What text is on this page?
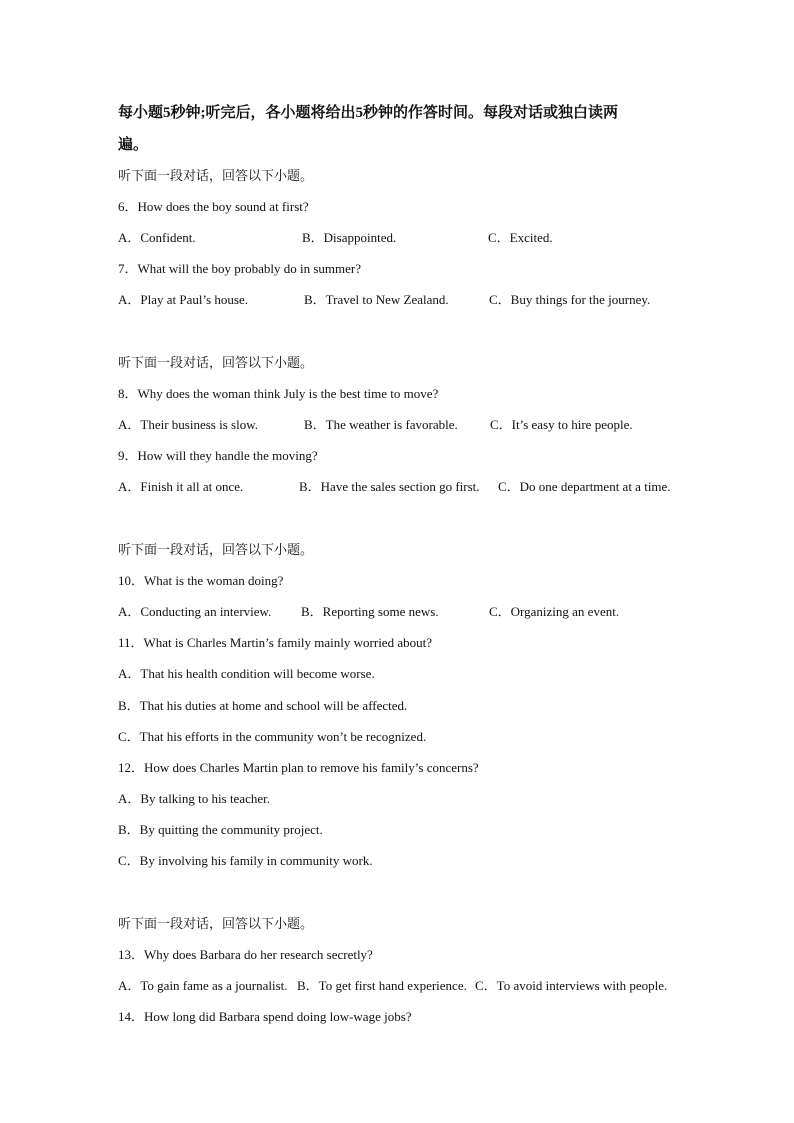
每小题5秒钟;听完后，各小题将给出5秒钟的作答时间。每段对话或独白读两
遍。
听下面一段对话，回答以下小题。
6．How does the boy sound at first?
A．Confident.	B．Disappointed.	C．Excited.
7．What will the boy probably do in summer?
A．Play at Paul’s house.	B．Travel to New Zealand.	C．Buy things for the journey.
听下面一段对话，回答以下小题。
8．Why does the woman think July is the best time to move?
A．Their business is slow.	B．The weather is favorable. C．It’s easy to hire people.
9．How will they handle the moving?
A．Finish it all at once.	B．Have the sales section go first. C．Do one department at a time.
听下面一段对话，回答以下小题。
10．What is the woman doing?
A．Conducting an interview. B．Reporting some news.	C．Organizing an event.
11．What is Charles Martin’s family mainly worried about?
A．That his health condition will become worse.
B．That his duties at home and school will be affected.
C．That his efforts in the community won’t be recognized.
12．How does Charles Martin plan to remove his family’s concerns?
A．By talking to his teacher.
B．By quitting the community project.
C．By involving his family in community work.
听下面一段对话，回答以下小题。
13．Why does Barbara do her research secretly?
A．To gain fame as a journalist. B．To get first hand experience. C．To avoid interviews with people.
14．How long did Barbara spend doing low-wage jobs?
